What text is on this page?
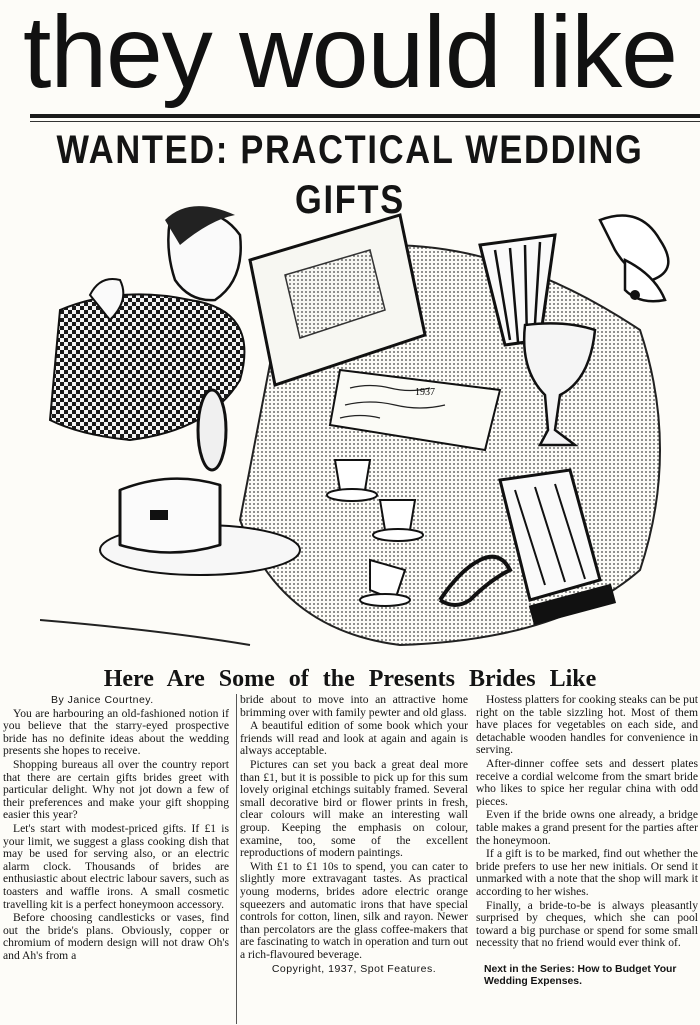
they would like
WANTED: PRACTICAL WEDDING GIFTS
1937
Here Are Some of the Presents Brides Like

By Janice Courtney.

You are harbouring an old-fashioned notion if you believe that the starry-eyed prospective bride has no definite ideas about the wedding presents she hopes to receive.

Shopping bureaus all over the country report that there are certain gifts brides greet with particular delight. Why not jot down a few of their preferences and make your gift shopping easier this year?

Let's start with modest-priced gifts. If £1 is your limit, we suggest a glass cooking dish that may be used for serving also, or an electric alarm clock. Thousands of brides are enthusiastic about electric labour savers, such as toasters and waffle irons. A small cosmetic travelling kit is a perfect honeymoon accessory.

Before choosing candlesticks or vases, find out the bride's plans. Obviously, copper or chromium of modern design will not draw Oh's and Ah's from a

bride about to move into an attractive home brimming over with family pewter and old glass.

A beautiful edition of some book which your friends will read and look at again and again is always acceptable.

Pictures can set you back a great deal more than £1, but it is possible to pick up for this sum lovely original etchings suitably framed. Several small decorative bird or flower prints in fresh, clear colours will make an interesting wall group. Keeping the emphasis on colour, examine, too, some of the excellent reproductions of modern paintings.

With £1 to £1 10s to spend, you can cater to slightly more extravagant tastes. As practical young moderns, brides adore electric orange squeezers and automatic irons that have special controls for cotton, linen, silk and rayon. Newer than percolators are the glass coffee-makers that are fascinating to watch in operation and turn out a rich-flavoured beverage.

Copyright, 1937, Spot Features.

Hostess platters for cooking steaks can be put right on the table sizzling hot. Most of them have places for vegetables on each side, and detachable wooden handles for convenience in serving.

After-dinner coffee sets and dessert plates receive a cordial welcome from the smart bride who likes to spice her regular china with odd pieces.

Even if the bride owns one already, a bridge table makes a grand present for the parties after the honeymoon.

If a gift is to be marked, find out whether the bride prefers to use her new initials. Or send it unmarked with a note that the shop will mark it according to her wishes.

Finally, a bride-to-be is always pleasantly surprised by cheques, which she can pool toward a big purchase or spend for some small necessity that no friend would ever think of.

Next in the Series: How to Budget Your Wedding Expenses.
